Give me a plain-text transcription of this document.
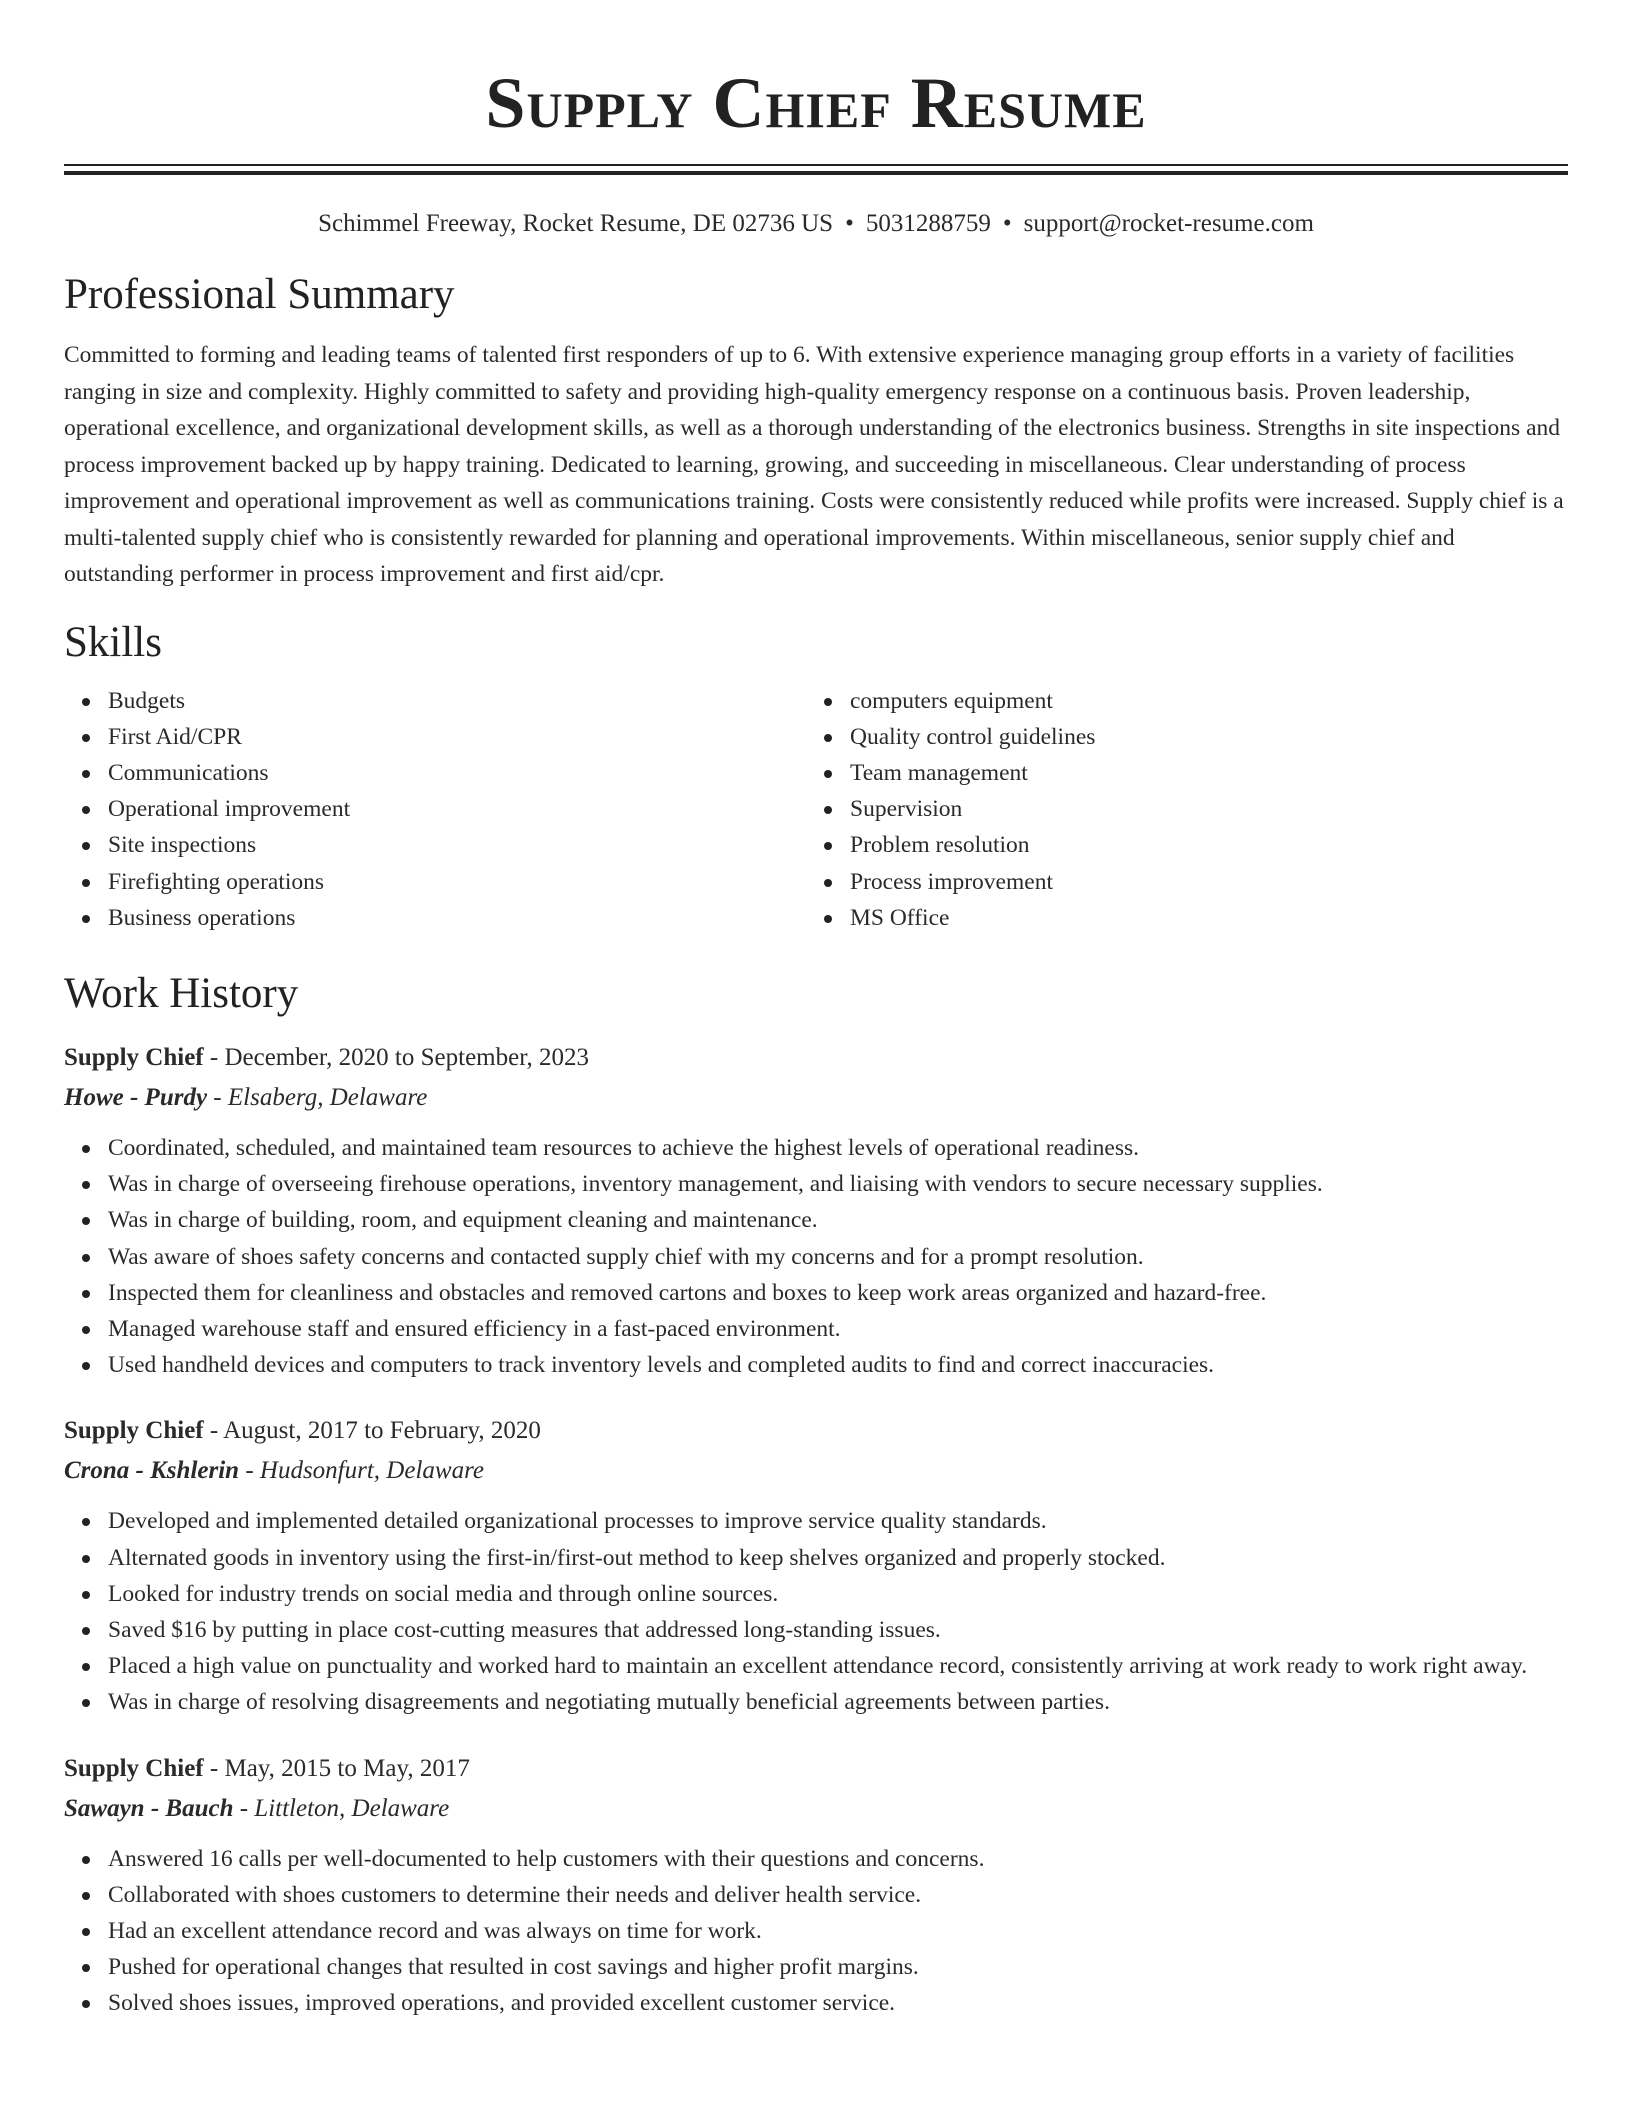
Supply Chief Resume
Schimmel Freeway, Rocket Resume, DE 02736 US • 5031288759 • support@rocket-resume.com
Professional Summary

Committed to forming and leading teams of talented first responders of up to 6. With extensive experience managing group efforts in a variety of facilities ranging in size and complexity. Highly committed to safety and providing high-quality emergency response on a continuous basis. Proven leadership, operational excellence, and organizational development skills, as well as a thorough understanding of the electronics business. Strengths in site inspections and process improvement backed up by happy training. Dedicated to learning, growing, and succeeding in miscellaneous. Clear understanding of process improvement and operational improvement as well as communications training. Costs were consistently reduced while profits were increased. Supply chief is a multi-talented supply chief who is consistently rewarded for planning and operational improvements. Within miscellaneous, senior supply chief and outstanding performer in process improvement and first aid/cpr.

Skills
Budgets
First Aid/CPR
Communications
Operational improvement
Site inspections
Firefighting operations
Business operations
computers equipment
Quality control guidelines
Team management
Supervision
Problem resolution
Process improvement
MS Office
Work History
Supply Chief - December, 2020 to September, 2023
Howe - Purdy - Elsaberg, Delaware
Coordinated, scheduled, and maintained team resources to achieve the highest levels of operational readiness.
Was in charge of overseeing firehouse operations, inventory management, and liaising with vendors to secure necessary supplies.
Was in charge of building, room, and equipment cleaning and maintenance.
Was aware of shoes safety concerns and contacted supply chief with my concerns and for a prompt resolution.
Inspected them for cleanliness and obstacles and removed cartons and boxes to keep work areas organized and hazard-free.
Managed warehouse staff and ensured efficiency in a fast-paced environment.
Used handheld devices and computers to track inventory levels and completed audits to find and correct inaccuracies.
Supply Chief - August, 2017 to February, 2020
Crona - Kshlerin - Hudsonfurt, Delaware
Developed and implemented detailed organizational processes to improve service quality standards.
Alternated goods in inventory using the first-in/first-out method to keep shelves organized and properly stocked.
Looked for industry trends on social media and through online sources.
Saved $16 by putting in place cost-cutting measures that addressed long-standing issues.
Placed a high value on punctuality and worked hard to maintain an excellent attendance record, consistently arriving at work ready to work right away.
Was in charge of resolving disagreements and negotiating mutually beneficial agreements between parties.
Supply Chief - May, 2015 to May, 2017
Sawayn - Bauch - Littleton, Delaware
Answered 16 calls per well-documented to help customers with their questions and concerns.
Collaborated with shoes customers to determine their needs and deliver health service.
Had an excellent attendance record and was always on time for work.
Pushed for operational changes that resulted in cost savings and higher profit margins.
Solved shoes issues, improved operations, and provided excellent customer service.
